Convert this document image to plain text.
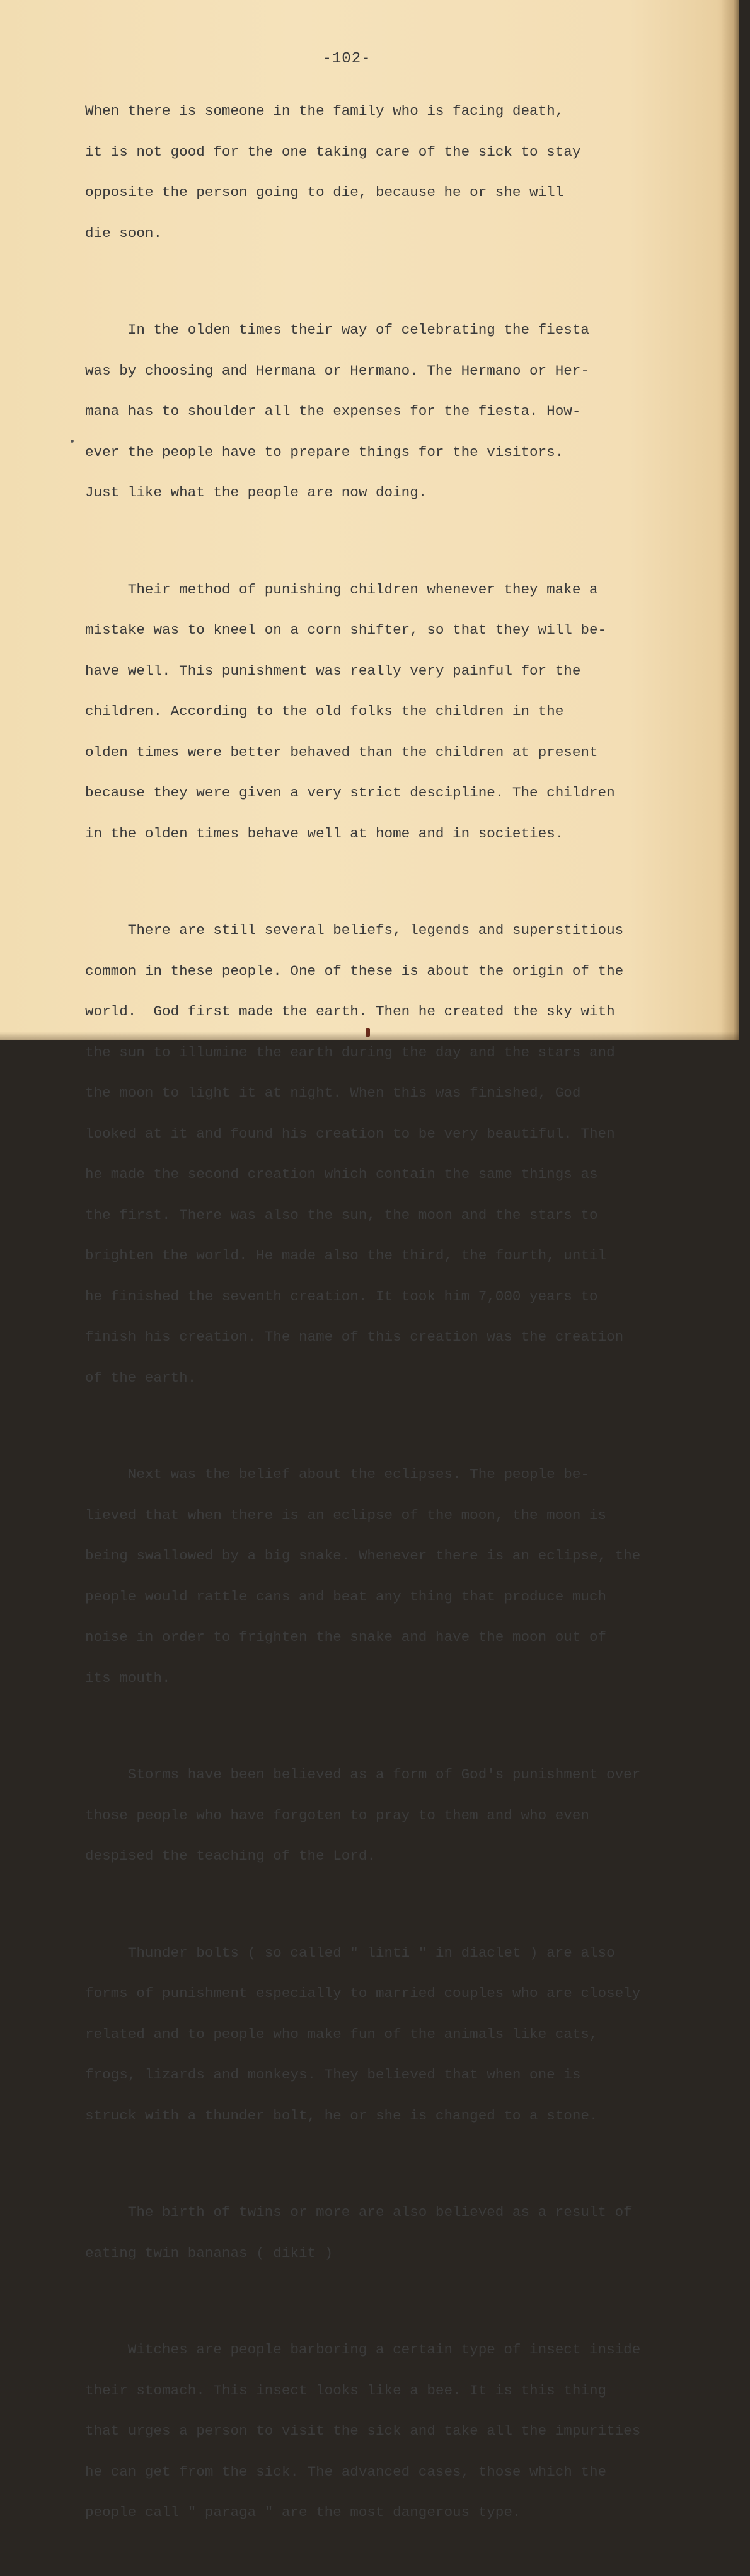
-102-

When there is someone in the family who is facing death,

it is not good for the one taking care of the sick to stay

opposite the person going to die, because he or she will

die soon.

In the olden times their way of celebrating the fiesta

was by choosing and Hermana or Hermano. The Hermano or Her-

mana has to shoulder all the expenses for the fiesta. How-

ever the people have to prepare things for the visitors.

Just like what the people are now doing.

Their method of punishing children whenever they make a

mistake was to kneel on a corn shifter, so that they will be-

have well. This punishment was really very painful for the

children. According to the old folks the children in the

olden times were better behaved than the children at present

because they were given a very strict descipline. The children

in the olden times behave well at home and in societies.

There are still several beliefs, legends and superstitious

common in these people. One of these is about the origin of the

world.  God first made the earth. Then he created the sky with

the sun to illumine the earth during the day and the stars and

the moon to light it at night. When this was finished, God

looked at it and found his creation to be very beautiful. Then

he made the second creation which contain the same things as

the first. There was also the sun, the moon and the stars to

brighten the world. He made also the third, the fourth, until

he finished the seventh creation. It took him 7,000 years to

finish his creation. The name of this creation was the creation

of the earth.

Next was the belief about the eclipses. The people be-

lieved that when there is an eclipse of the moon, the moon is

being swallowed by a big snake. Whenever there is an eclipse, the

people would rattle cans and beat any thing that produce much

noise in order to frighten the snake and have the moon out of

its mouth.

Storms have been believed as a form of God's punishment over

those people who have forgoten to pray to them and who even

despised the teaching of the Lord.

Thunder bolts ( so called " linti " in diaclet ) are also

forms of punishment especially to married couples who are closely

related and to people who make fun of the animals like cats,

frogs, lizards and monkeys. They believed that when one is

struck with a thunder bolt, he or she is changed to a stone.

The birth of twins or more are also believed as a result of

eating twin bananas ( dikit )

Witches are people barboring a certain type of insect inside

their stomach. This insect looks like a bee. It is this thing

that urges a person to visit the sick and take all the impurities

he can get from the sick. The advanced cases, those which the

people call " paraga " are the most dangerous type.
